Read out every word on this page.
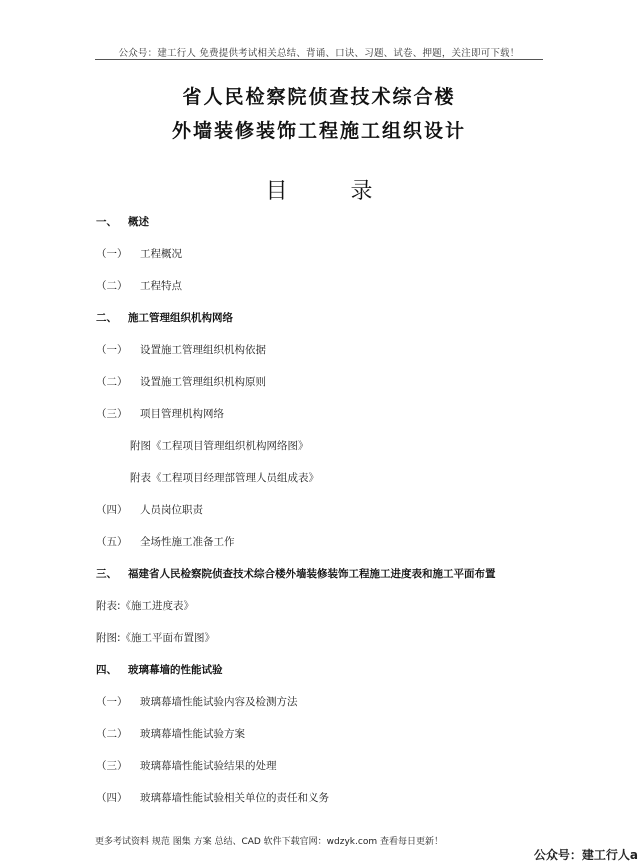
公众号：建工行人 免费提供考试相关总结、背诵、口诀、习题、试卷、押题，关注即可下载！
省人民检察院侦查技术综合楼
外墙装修装饰工程施工组织设计
目 录
一、 概述
（一） 工程概况
（二） 工程特点
二、 施工管理组织机构网络
（一） 设置施工管理组织机构依据
（二） 设置施工管理组织机构原则
（三） 项目管理机构网络
附图《工程项目管理组织机构网络图》
附表《工程项目经理部管理人员组成表》
（四） 人员岗位职责
（五） 全场性施工准备工作
三、 福建省人民检察院侦查技术综合楼外墙装修装饰工程施工进度表和施工平面布置
附表:《施工进度表》
附图:《施工平面布置图》
四、 玻璃幕墙的性能试验
（一） 玻璃幕墙性能试验内容及检测方法
（二） 玻璃幕墙性能试验方案
（三） 玻璃幕墙性能试验结果的处理
（四） 玻璃幕墙性能试验相关单位的责任和义务
更多考试资料 规范 图集 方案 总结、CAD 软件下载官网：wdzyk.com 查看每日更新！
公众号：建工行人a
